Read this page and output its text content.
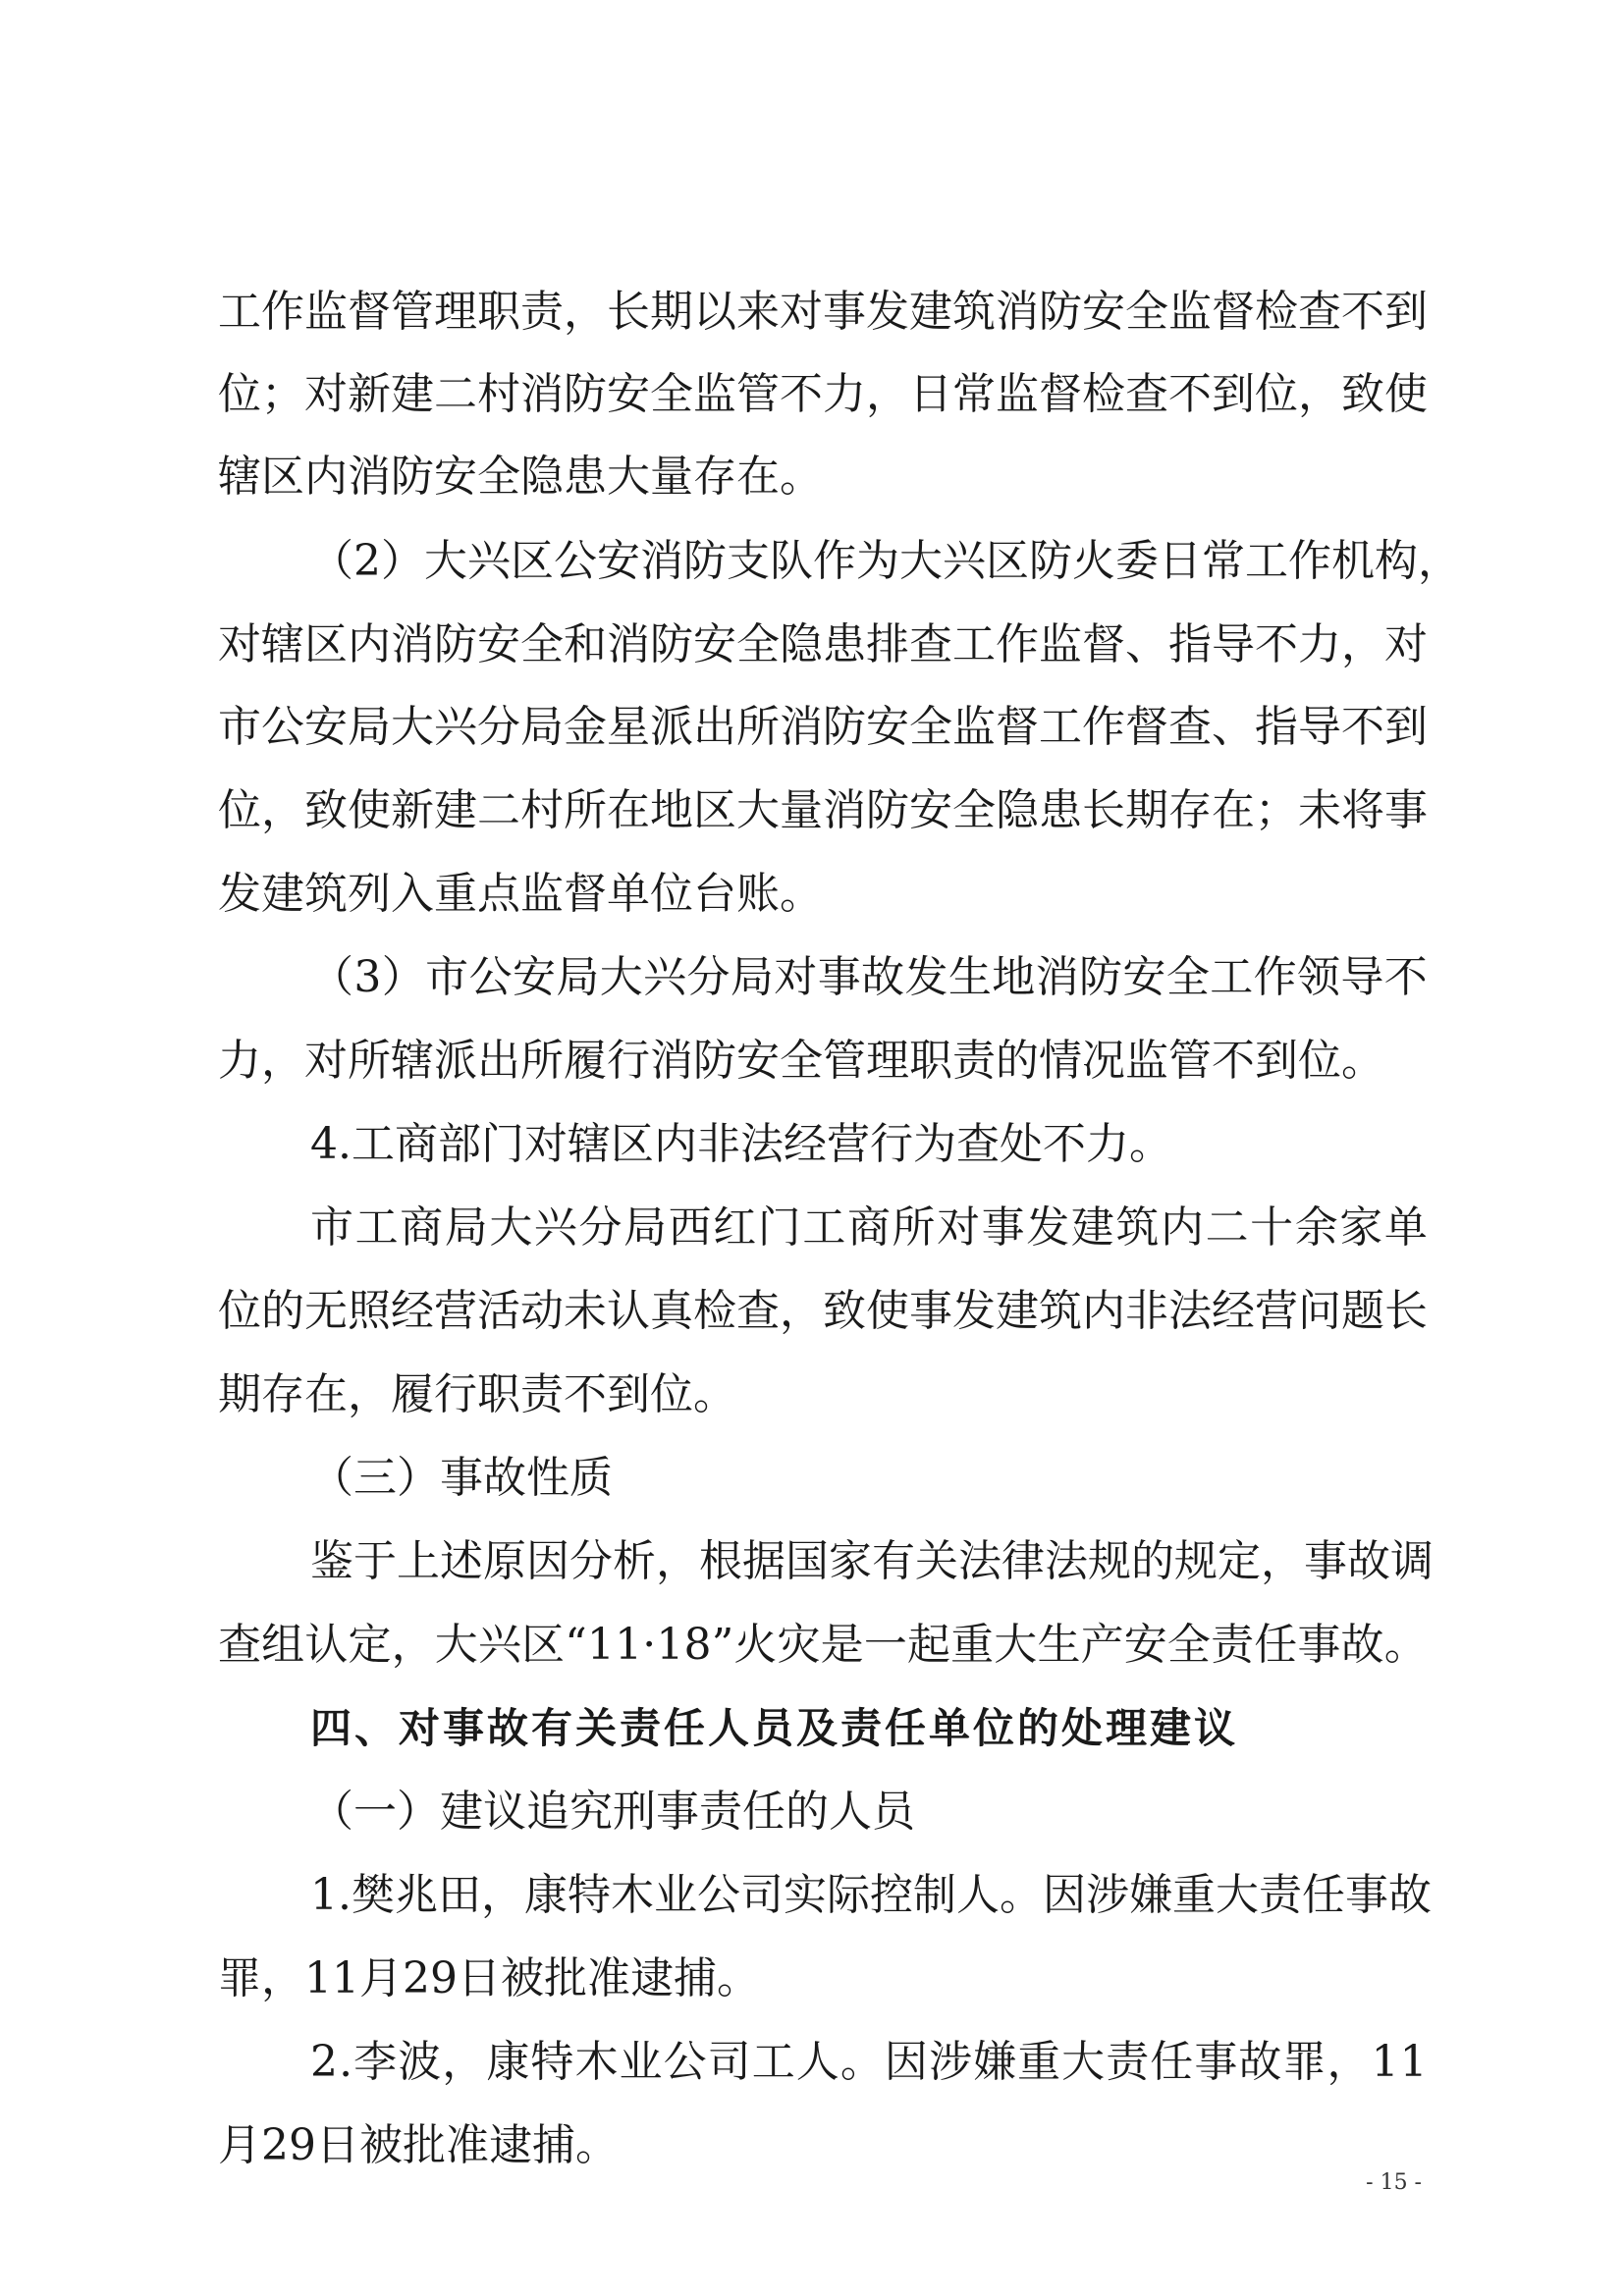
工 作 监 督 管 理 职 责 ， 长 期 以 来 对 事 发 建 筑 消 防 安 全 监 督 检 查 不 到
位 ； 对 新 建 二 村 消 防 安 全 监 管 不 力 ， 日 常 监 督 检 查 不 到 位 ， 致 使
辖区内消防安全隐患大量存在。
（ 2 ） 大 兴 区 公 安 消 防 支 队 作 为 大 兴 区 防 火 委 日 常 工 作 机 构 ，
对 辖 区 内 消 防 安 全 和 消 防 安 全 隐 患 排 查 工 作 监 督 、 指 导 不 力 ， 对
市 公 安 局 大 兴 分 局 金 星 派 出 所 消 防 安 全 监 督 工 作 督 查 、 指 导 不 到
位 ， 致 使 新 建 二 村 所 在 地 区 大 量 消 防 安 全 隐 患 长 期 存 在 ； 未 将 事
发建筑列入重点监督单位台账。
（ 3 ） 市 公 安 局 大 兴 分 局 对 事 故 发 生 地 消 防 安 全 工 作 领 导 不
力，对所辖派出所履行消防安全管理职责的情况监管不到位。
4.工商部门对辖区内非法经营行为查处不力。
市 工 商 局 大 兴 分 局 西 红 门 工 商 所 对 事 发 建 筑 内 二 十 余 家 单
位 的 无 照 经 营 活 动 未 认 真 检 查 ， 致 使 事 发 建 筑 内 非 法 经 营 问 题 长
期存在，履行职责不到位。
（三）事故性质
鉴 于 上 述 原 因 分 析 ， 根 据 国 家 有 关 法 律 法 规 的 规 定 ， 事 故 调
查 组 认 定 ， 大 兴 区 “ 1 1 · 1 8 ” 火 灾 是 一 起 重 大 生 产 安 全 责 任 事 故 。
四、对事故有关责任人员及责任单位的处理建议
（一）建议追究刑事责任的人员
1 . 樊 兆 田 ， 康 特 木 业 公 司 实 际 控 制 人 。 因 涉 嫌 重 大 责 任 事 故
罪，11月29日被批准逮捕。
2 . 李 波 ， 康 特 木 业 公 司 工 人 。 因 涉 嫌 重 大 责 任 事 故 罪 ， 1 1
月29日被批准逮捕。
- 15 -
